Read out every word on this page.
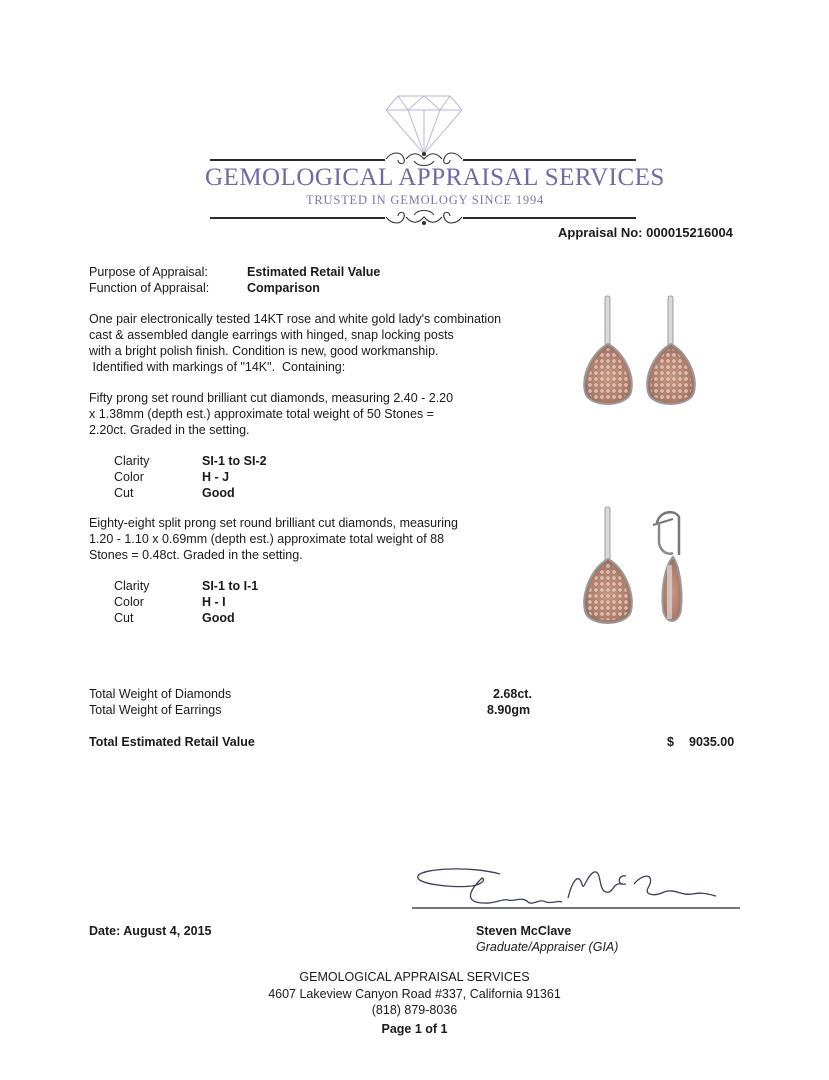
GEMOLOGICAL APPRAISAL SERVICES
TRUSTED IN GEMOLOGY SINCE 1994
Appraisal No: 000015216004
Purpose of Appraisal:	Estimated Retail Value
Function of Appraisal:	Comparison
One pair electronically tested 14KT rose and white gold lady's combination
cast & assembled dangle earrings with hinged, snap locking posts
with a bright polish finish. Condition is new, good workmanship.
Identified with markings of "14K".  Containing:
Fifty prong set round brilliant cut diamonds, measuring 2.40 - 2.20
x 1.38mm (depth est.) approximate total weight of 50 Stones =
2.20ct. Graded in the setting.
Clarity	SI-1 to SI-2
Color	H - J
Cut	Good
Eighty-eight split prong set round brilliant cut diamonds, measuring
1.20 - 1.10 x 0.69mm (depth est.) approximate total weight of 88
Stones = 0.48ct. Graded in the setting.
Clarity	SI-1 to I-1
Color	H - I
Cut	Good
Total Weight of Diamonds	2.68ct.
Total Weight of Earrings	8.90gm
Total Estimated Retail Value	$ 9035.00
Steven McClave
Graduate/Appraiser (GIA)
Date: August 4, 2015
GEMOLOGICAL APPRAISAL SERVICES
4607 Lakeview Canyon Road #337, California 91361
(818) 879-8036
Page 1 of 1
